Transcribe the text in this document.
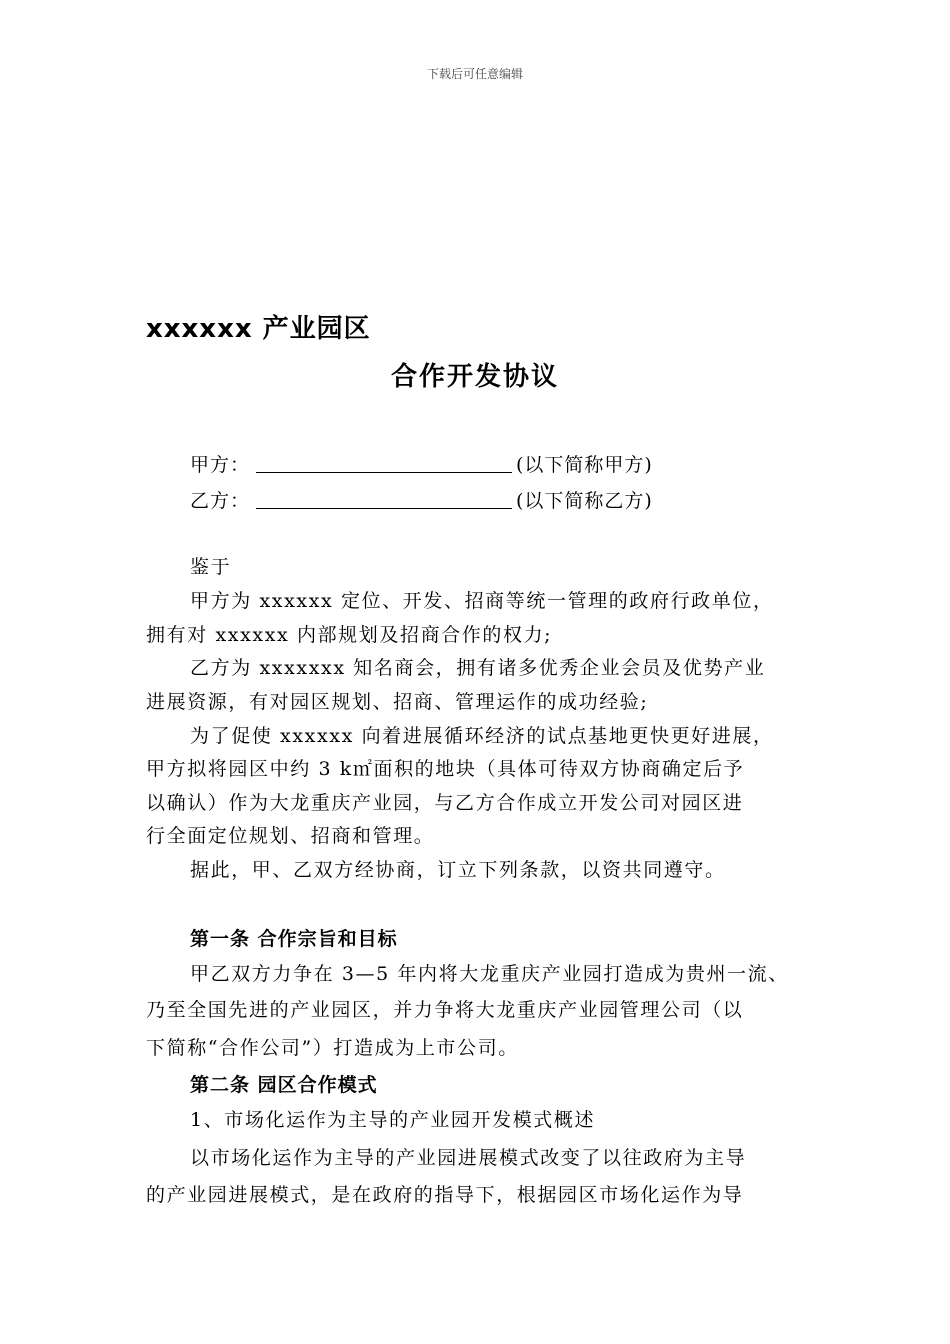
下载后可任意编辑
xxxxxx 产业园区
合作开发协议
甲方：	(以下简称甲方)
乙方：	(以下简称乙方)
鉴于
甲方为 xxxxxx 定位、开发、招商等统一管理的政府行政单位，
拥有对 xxxxxx 内部规划及招商合作的权力;
乙方为 xxxxxxx 知名商会，拥有诸多优秀企业会员及优势产业
进展资源，有对园区规划、招商、管理运作的成功经验;
为了促使 xxxxxx 向着进展循环经济的试点基地更快更好进展，
甲方拟将园区中约 3 k㎡面积的地块（具体可待双方协商确定后予
以确认）作为大龙重庆产业园，与乙方合作成立开发公司对园区进
行全面定位规划、招商和管理。
据此，甲、乙双方经协商，订立下列条款，以资共同遵守。
第一条 合作宗旨和目标
甲乙双方力争在 3—5 年内将大龙重庆产业园打造成为贵州一流、
乃至全国先进的产业园区，并力争将大龙重庆产业园管理公司（以
下简称“合作公司”）打造成为上市公司。
第二条 园区合作模式
1、市场化运作为主导的产业园开发模式概述
以市场化运作为主导的产业园进展模式改变了以往政府为主导
的产业园进展模式，是在政府的指导下，根据园区市场化运作为导
